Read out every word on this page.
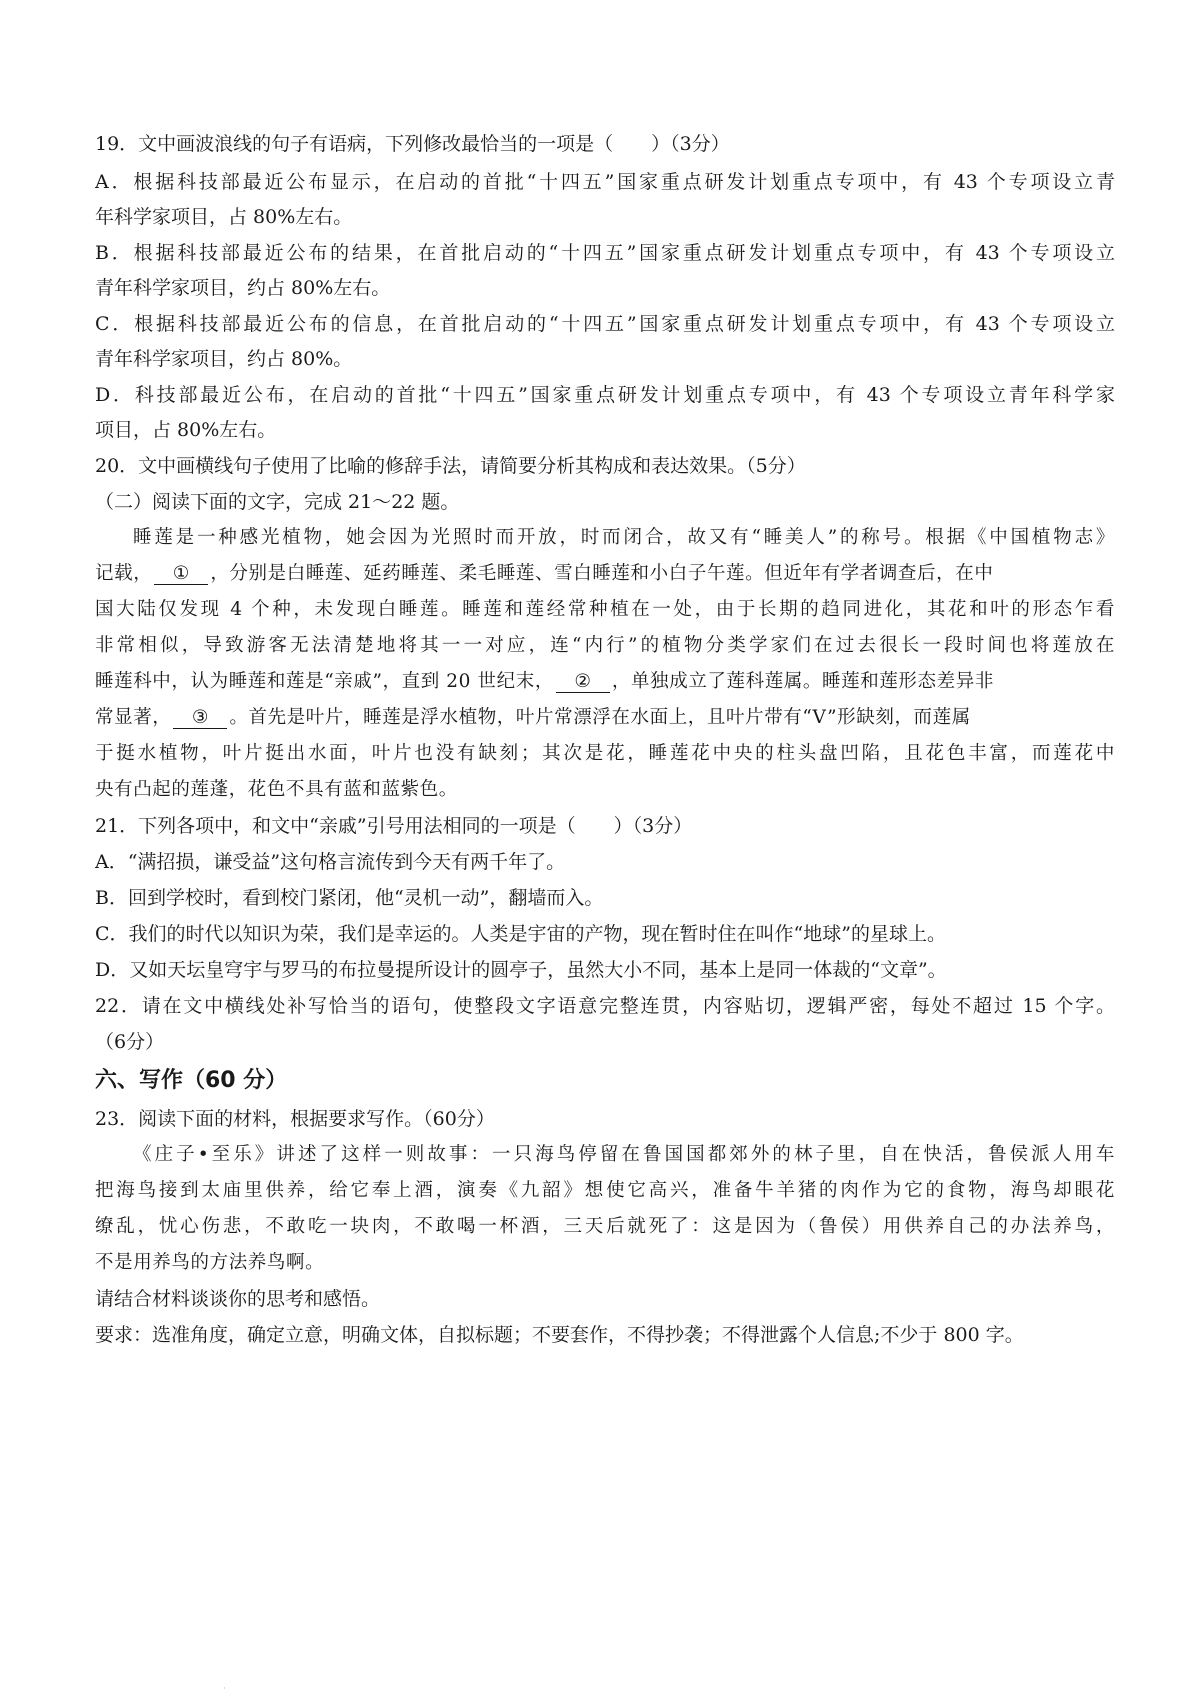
19．文中画波浪线的句子有语病，下列修改最恰当的一项是（　　）（3分）
A．根据科技部最近公布显示，在启动的首批“十四五”国家重点研发计划重点专项中，有 43 个专项设立青
年科学家项目，占 80%左右。
B．根据科技部最近公布的结果，在首批启动的“十四五”国家重点研发计划重点专项中，有 43 个专项设立
青年科学家项目，约占 80%左右。
C．根据科技部最近公布的信息，在首批启动的“十四五”国家重点研发计划重点专项中，有 43 个专项设立
青年科学家项目，约占 80%。
D．科技部最近公布，在启动的首批“十四五”国家重点研发计划重点专项中，有 43 个专项设立青年科学家
项目，占 80%左右。
20．文中画横线句子使用了比喻的修辞手法，请简要分析其构成和表达效果。（5分）
（二）阅读下面的文字，完成 21～22 题。
睡莲是一种感光植物，她会因为光照时而开放，时而闭合，故又有“睡美人”的称号。根据《中国植物志》
记载， ① ，分别是白睡莲、延药睡莲、柔毛睡莲、雪白睡莲和小白子午莲。但近年有学者调查后，在中
国大陆仅发现 4 个种，未发现白睡莲。睡莲和莲经常种植在一处，由于长期的趋同进化，其花和叶的形态乍看
非常相似，导致游客无法清楚地将其一一对应，连“内行”的植物分类学家们在过去很长一段时间也将莲放在
睡莲科中，认为睡莲和莲是“亲戚”，直到 20 世纪末， ② ，单独成立了莲科莲属。睡莲和莲形态差异非
常显著， ③ 。首先是叶片，睡莲是浮水植物，叶片常漂浮在水面上，且叶片带有“V”形缺刻，而莲属
于挺水植物，叶片挺出水面，叶片也没有缺刻；其次是花，睡莲花中央的柱头盘凹陷，且花色丰富，而莲花中
央有凸起的莲蓬，花色不具有蓝和蓝紫色。
21．下列各项中，和文中“亲戚”引号用法相同的一项是（　　）（3分）
A．“满招损，谦受益”这句格言流传到今天有两千年了。
B．回到学校时，看到校门紧闭，他“灵机一动”，翻墙而入。
C．我们的时代以知识为荣，我们是幸运的。人类是宇宙的产物，现在暂时住在叫作“地球”的星球上。
D．又如天坛皇穹宇与罗马的布拉曼提所设计的圆亭子，虽然大小不同，基本上是同一体裁的“文章”。
22．请在文中横线处补写恰当的语句，使整段文字语意完整连贯，内容贴切，逻辑严密，每处不超过 15 个字。
（6分）
六、写作（60 分）
23．阅读下面的材料，根据要求写作。（60分）
《庄子•至乐》讲述了这样一则故事：一只海鸟停留在鲁国国都郊外的林子里，自在快活，鲁侯派人用车
把海鸟接到太庙里供养，给它奉上酒，演奏《九韶》想使它高兴，准备牛羊猪的肉作为它的食物，海鸟却眼花
缭乱，忧心伤悲，不敢吃一块肉，不敢喝一杯酒，三天后就死了：这是因为（鲁侯）用供养自己的办法养鸟，
不是用养鸟的方法养鸟啊。
请结合材料谈谈你的思考和感悟。
要求：选准角度，确定立意，明确文体，自拟标题；不要套作，不得抄袭；不得泄露个人信息;不少于 800 字。
·
